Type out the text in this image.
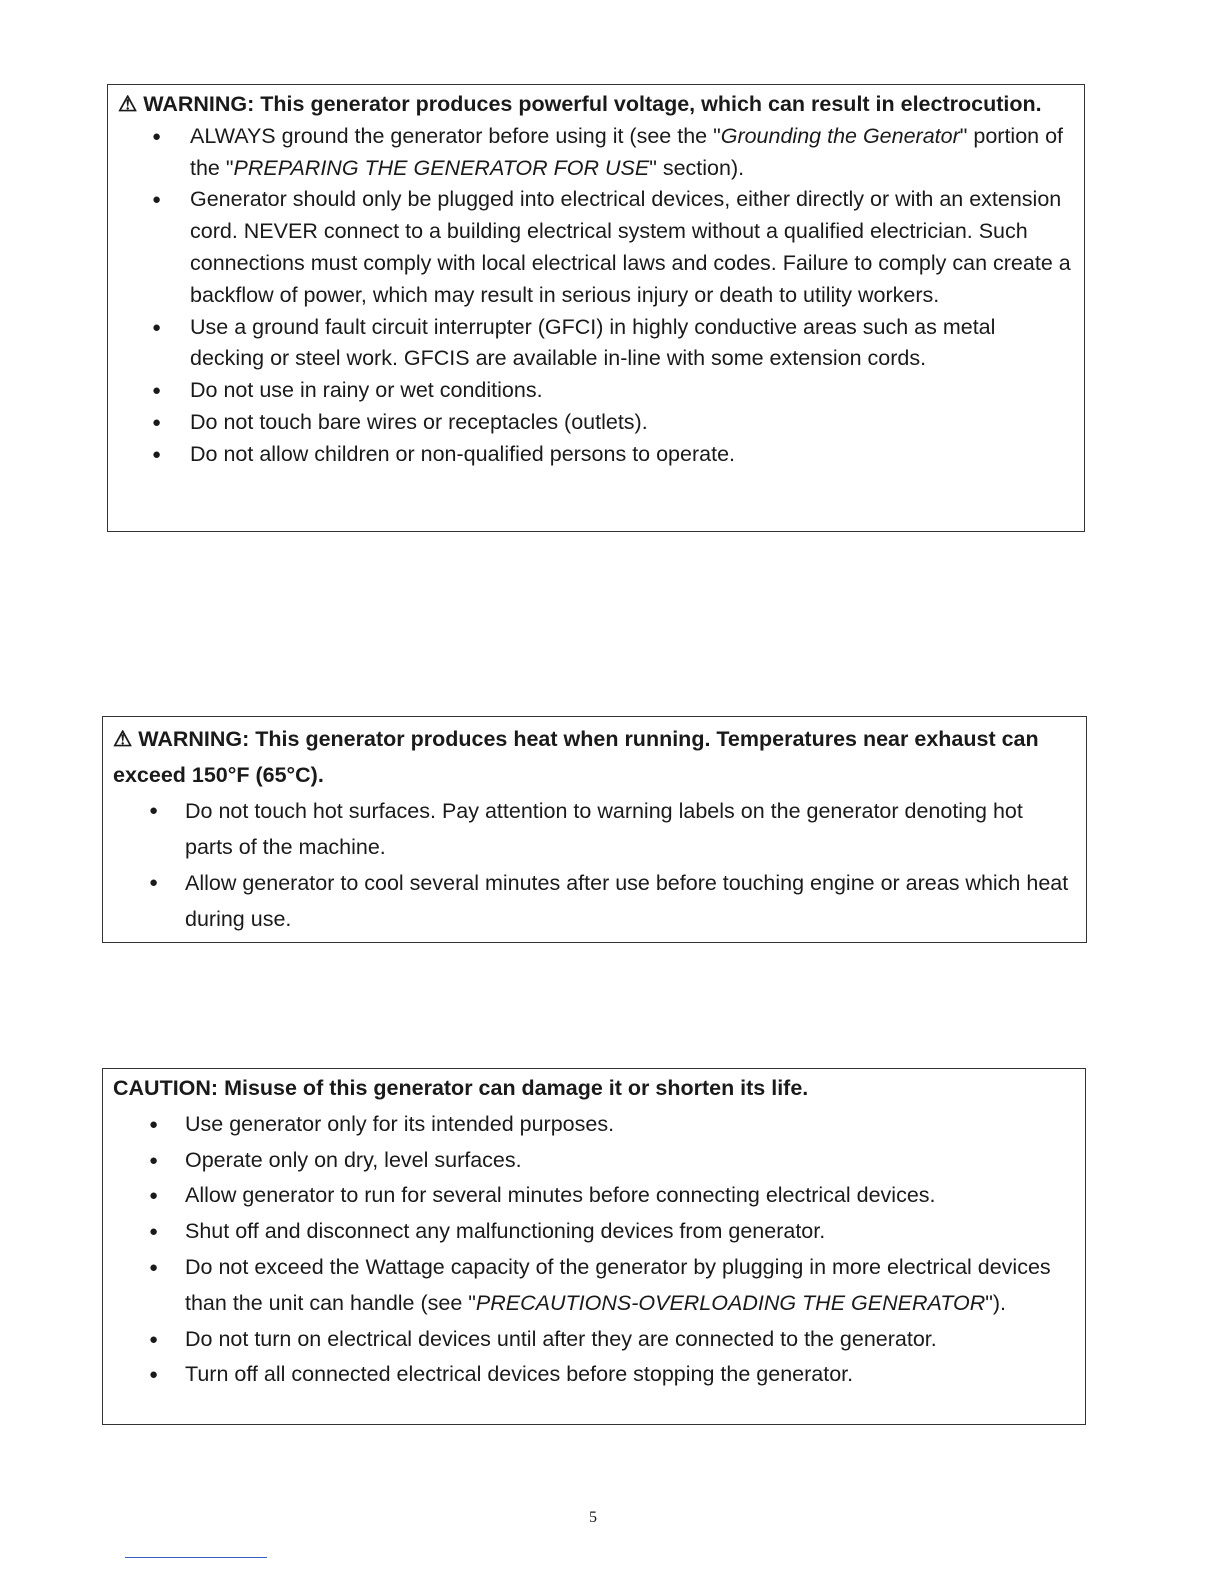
⚠ WARNING: This generator produces powerful voltage, which can result in electrocution.
● ALWAYS ground the generator before using it (see the "Grounding the Generator" portion of the "PREPARING THE GENERATOR FOR USE" section).
● Generator should only be plugged into electrical devices, either directly or with an extension cord. NEVER connect to a building electrical system without a qualified electrician. Such connections must comply with local electrical laws and codes. Failure to comply can create a backflow of power, which may result in serious injury or death to utility workers.
● Use a ground fault circuit interrupter (GFCI) in highly conductive areas such as metal decking or steel work. GFCIS are available in-line with some extension cords.
● Do not use in rainy or wet conditions.
● Do not touch bare wires or receptacles (outlets).
● Do not allow children or non-qualified persons to operate.
⚠ WARNING: This generator produces heat when running. Temperatures near exhaust can exceed 150°F (65°C).
● Do not touch hot surfaces. Pay attention to warning labels on the generator denoting hot parts of the machine.
● Allow generator to cool several minutes after use before touching engine or areas which heat during use.
CAUTION: Misuse of this generator can damage it or shorten its life.
● Use generator only for its intended purposes.
● Operate only on dry, level surfaces.
● Allow generator to run for several minutes before connecting electrical devices.
● Shut off and disconnect any malfunctioning devices from generator.
● Do not exceed the Wattage capacity of the generator by plugging in more electrical devices than the unit can handle (see "PRECAUTIONS-OVERLOADING THE GENERATOR").
● Do not turn on electrical devices until after they are connected to the generator.
● Turn off all connected electrical devices before stopping the generator.
5
